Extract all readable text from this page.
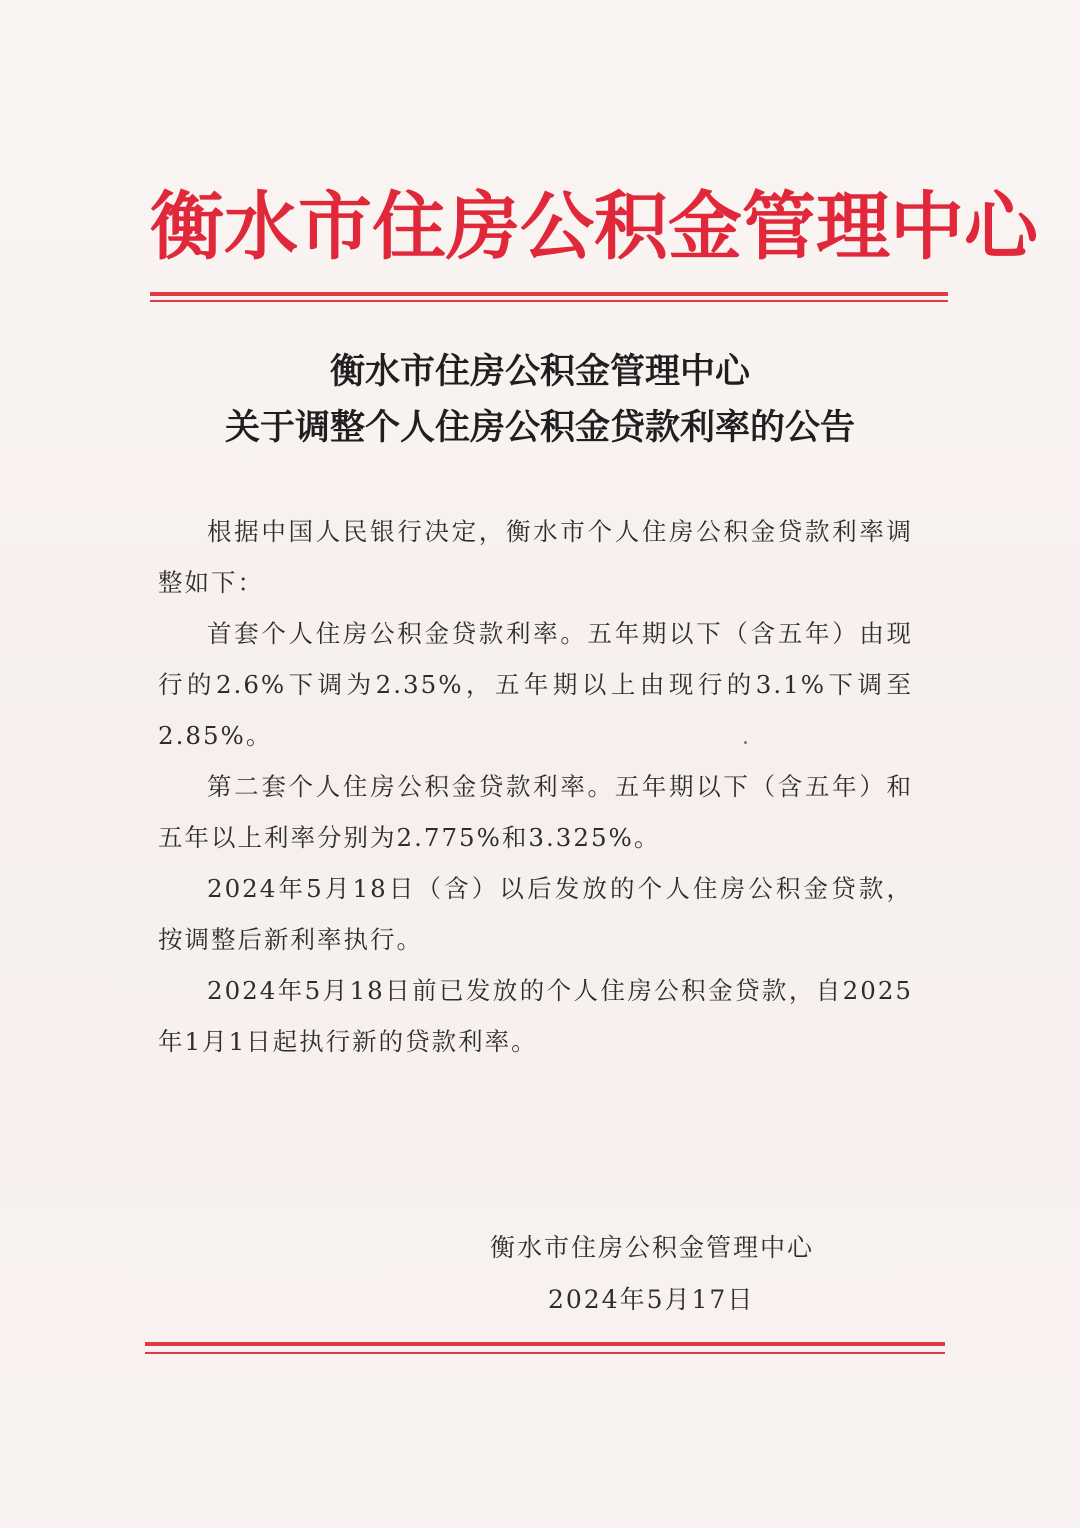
衡水市住房公积金管理中心
衡水市住房公积金管理中心
关于调整个人住房公积金贷款利率的公告

根据中国人民银行决定，衡水市个人住房公积金贷款利率调整如下：

首套个人住房公积金贷款利率。五年期以下（含五年）由现行的2.6%下调为2.35%，五年期以上由现行的3.1%下调至2.85%。

第二套个人住房公积金贷款利率。五年期以下（含五年）和五年以上利率分别为2.775%和3.325%。

2024年5月18日（含）以后发放的个人住房公积金贷款，按调整后新利率执行。

2024年5月18日前已发放的个人住房公积金贷款，自2025年1月1日起执行新的贷款利率。

衡水市住房公积金管理中心
2024年5月17日
